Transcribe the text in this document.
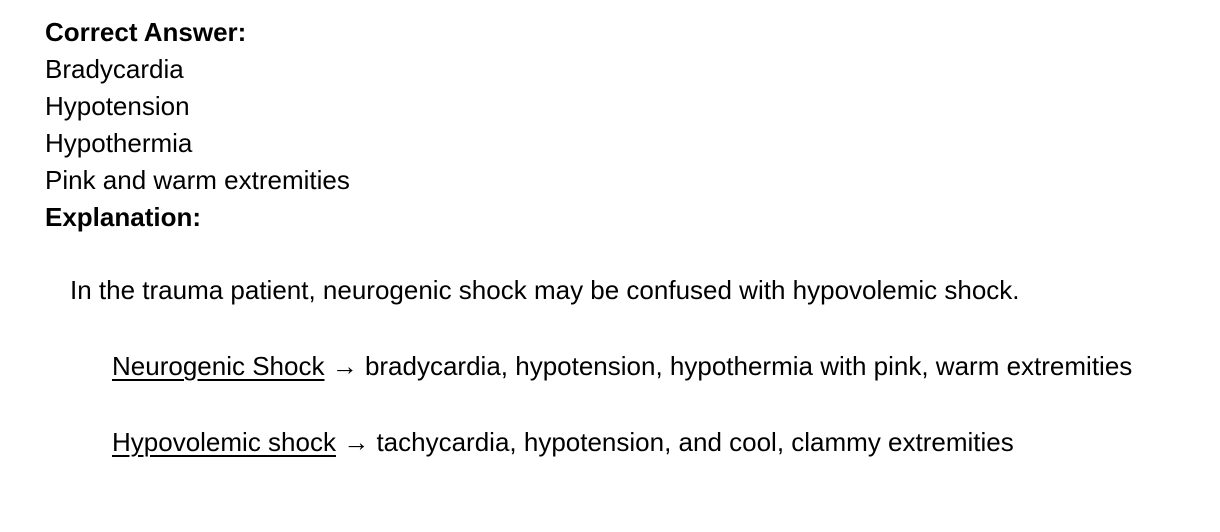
Correct Answer:
Bradycardia
Hypotension
Hypothermia
Pink and warm extremities
Explanation:

In the trauma patient, neurogenic shock may be confused with hypovolemic shock.

Neurogenic Shock → bradycardia, hypotension, hypothermia with pink, warm extremities

Hypovolemic shock → tachycardia, hypotension, and cool, clammy extremities
